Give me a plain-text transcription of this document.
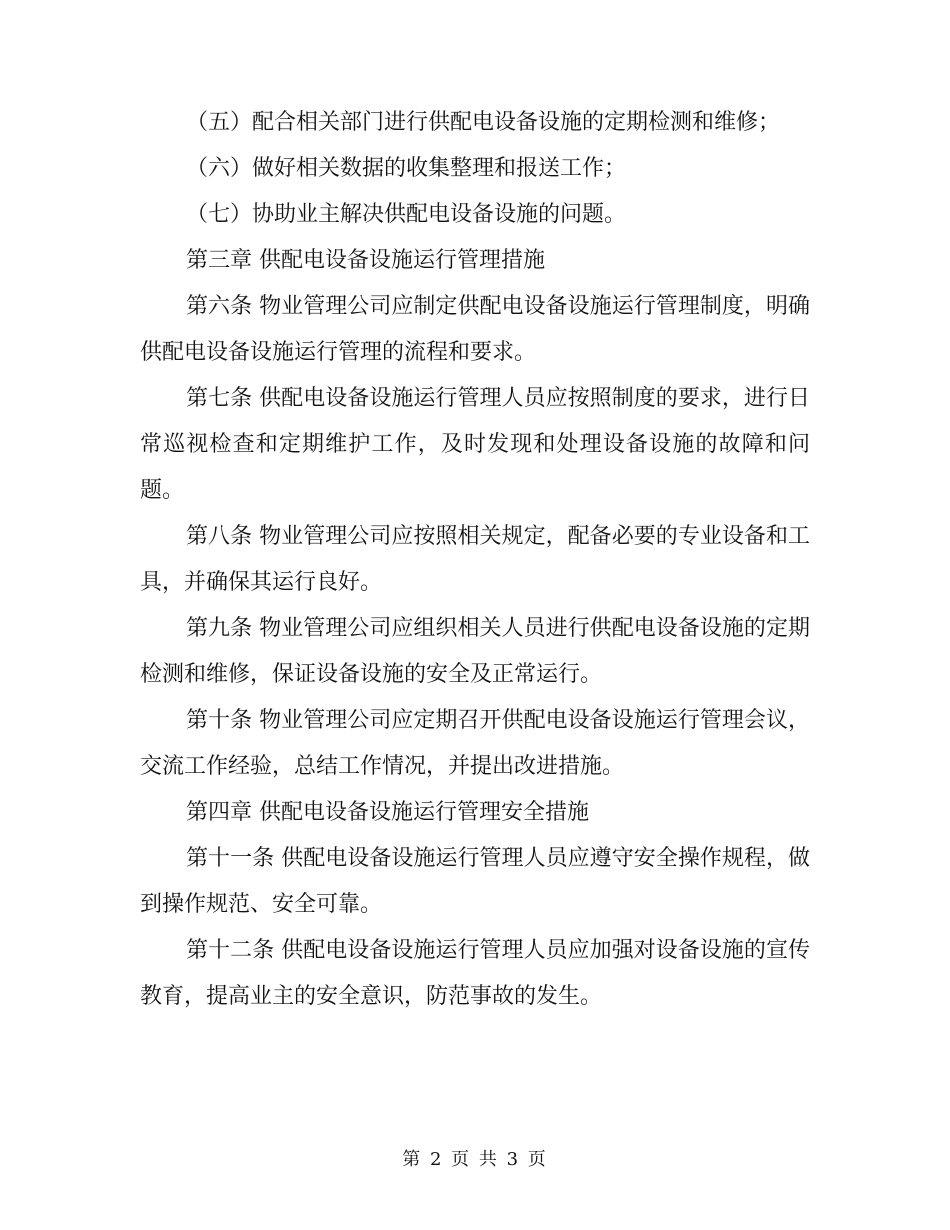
（五）配合相关部门进行供配电设备设施的定期检测和维修；

（六）做好相关数据的收集整理和报送工作；

（七）协助业主解决供配电设备设施的问题。

第三章 供配电设备设施运行管理措施

第六条 物业管理公司应制定供配电设备设施运行管理制度，明确供配电设备设施运行管理的流程和要求。

第七条 供配电设备设施运行管理人员应按照制度的要求，进行日常巡视检查和定期维护工作，及时发现和处理设备设施的故障和问题。

第八条 物业管理公司应按照相关规定，配备必要的专业设备和工具，并确保其运行良好。

第九条 物业管理公司应组织相关人员进行供配电设备设施的定期检测和维修，保证设备设施的安全及正常运行。

第十条 物业管理公司应定期召开供配电设备设施运行管理会议，交流工作经验，总结工作情况，并提出改进措施。

第四章 供配电设备设施运行管理安全措施

第十一条 供配电设备设施运行管理人员应遵守安全操作规程，做到操作规范、安全可靠。

第十二条 供配电设备设施运行管理人员应加强对设备设施的宣传教育，提高业主的安全意识，防范事故的发生。

第 2 页 共 3 页
